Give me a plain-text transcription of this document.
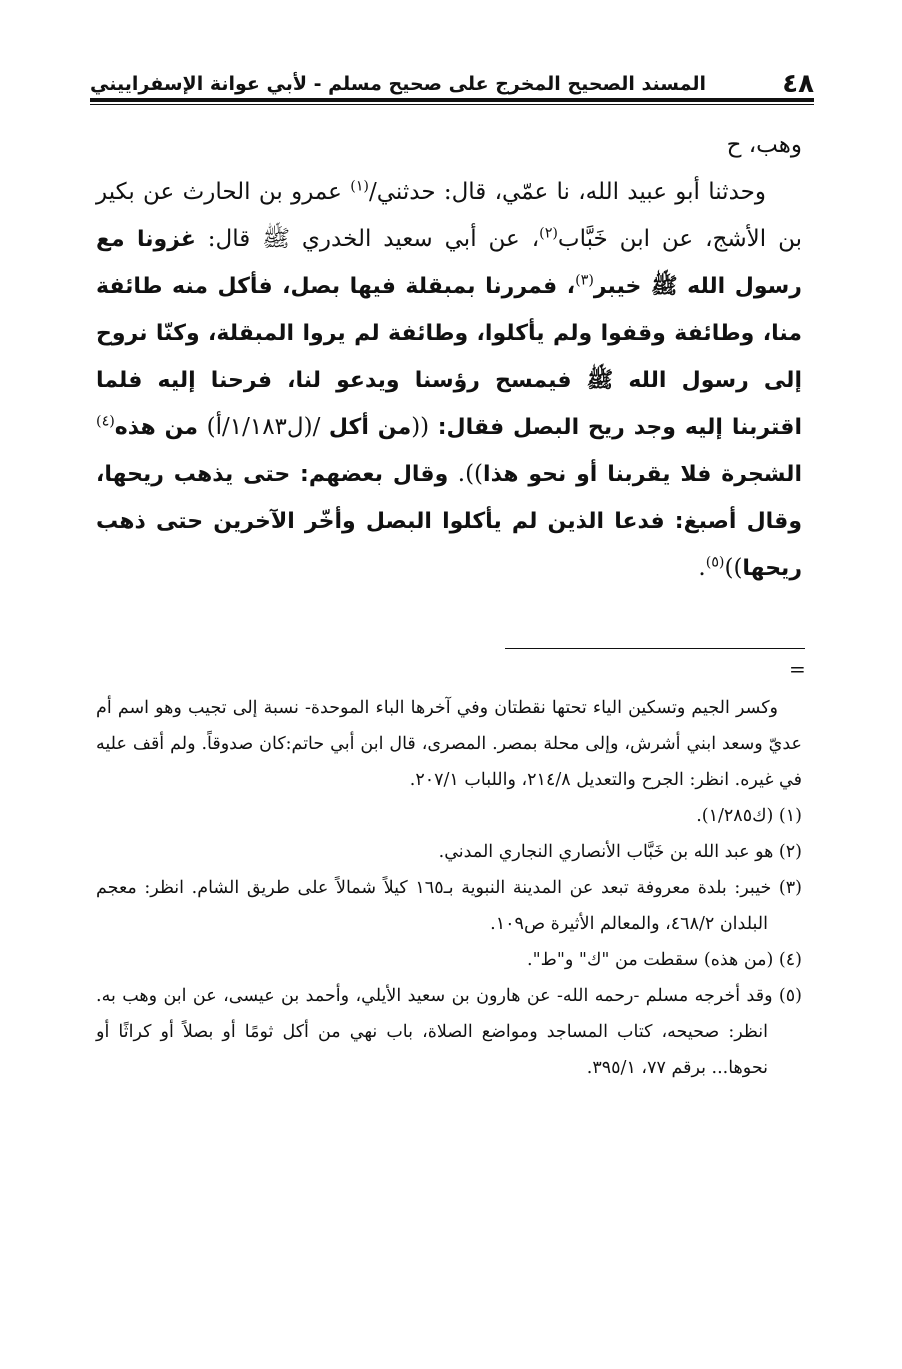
٤٨
المسند الصحيح المخرج على صحيح مسلم - لأبي عوانة الإسفراييني

وهب، ح

وحدثنا أبو عبيد الله، نا عمّي، قال: حدثني/$^{(١)}$ عمرو بن الحارث عن بكير بن الأشج، عن ابن خَبَّاب$^{(٢)}$، عن أبي سعيد الخدري ﷺ قال: غزونا مع رسول الله ﷺ خيبر$^{(٣)}$، فمررنا بمبقلة فيها بصل، فأكل منه طائفة منا، وطائفة وقفوا ولم يأكلوا، وطائفة لم يروا المبقلة، وكنّا نروح إلى رسول الله ﷺ فيمسح رؤسنا ويدعو لنا، فرحنا إليه فلما اقتربنا إليه وجد ريح البصل فقال: ((من أكل /(ل١/١٨٣/أ) من هذه$^{(٤)}$ الشجرة فلا يقربنا أو نحو هذا)). وقال بعضهم: حتى يذهب ريحها، وقال أصبغ: فدعا الذين لم يأكلوا البصل وأخّر الآخرين حتى ذهب ريحها))$^{(٥)}$.

=

وكسر الجيم وتسكين الياء تحتها نقطتان وفي آخرها الباء الموحدة- نسبة إلى تجيب وهو اسم أم عديّ وسعد ابني أشرش، وإلى محلة بمصر. المصرى، قال ابن أبي حاتم:كان صدوقاً. ولم أقف عليه في غيره. انظر: الجرح والتعديل ٢١٤/٨، واللباب ٢٠٧/١.

(١) (ك١/٢٨٥).

(٢) هو عبد الله بن خَبَّاب الأنصاري النجاري المدني.

(٣) خيبر: بلدة معروفة تبعد عن المدينة النبوية بـ١٦٥ كيلاً شمالاً على طريق الشام. انظر: معجم البلدان ٤٦٨/٢، والمعالم الأثيرة ص١٠٩.

(٤) (من هذه) سقطت من "ك" و"ط".

(٥) وقد أخرجه مسلم -رحمه الله- عن هارون بن سعيد الأيلي، وأحمد بن عيسى، عن ابن وهب به. انظر: صحيحه، كتاب المساجد ومواضع الصلاة، باب نهي من أكل ثومًا أو بصلاً أو كراثًا أو نحوها... برقم ٧٧، ٣٩٥/١.
